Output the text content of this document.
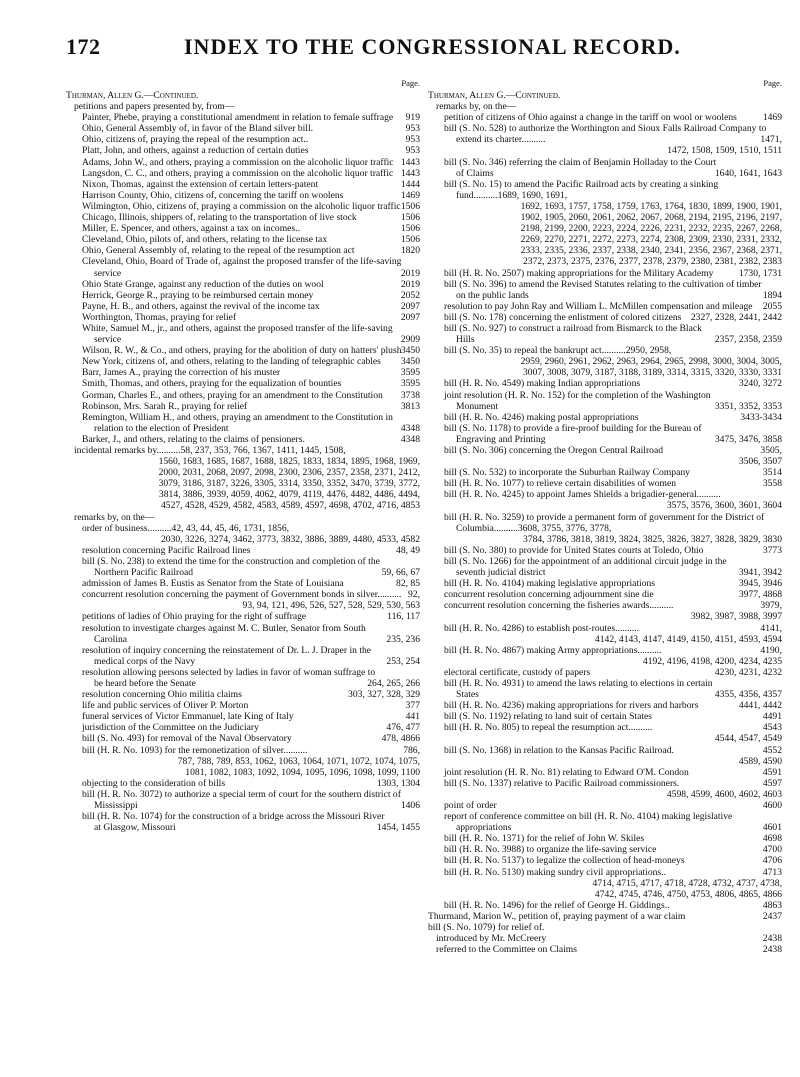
172	INDEX TO THE CONGRESSIONAL RECORD.
Page.
Thurman, Allen G.—Continued.
petitions and papers presented by, from—
Painter, Phebe, praying a constitutional amendment in relation to female suffrage	919
Ohio, General Assembly of, in favor of the Bland silver bill.	953
Ohio, citizens of, praying the repeal of the resumption act..	953
Platt, John, and others, against a reduction of certain duties	953
Adams, John W., and others, praying a commission on the alcoholic liquor traffic 1443
Langsdon, C. C., and others, praying a commission on the alcoholic liquor traffic 1443
Nixon, Thomas, against the extension of certain letters-patent	1444
Harrison County, Ohio, citizens of, concerning the tariff on woolens	1469
Wilmington, Ohio, citizens of, praying a commission on the alcoholic liquor traffic 1506
Chicago, Illinois, shippers of, relating to the transportation of live stock	1506
Miller, E. Spencer, and others, against a tax on incomes..	1506
Cleveland, Ohio, pilots of, and others, relating to the license tax	1506
Ohio, General Assembly of, relating to the repeal of the resumption act	1820
Cleveland, Ohio, Board of Trade of, against the proposed transfer of the life-saving service	2019
Ohio State Grange, against any reduction of the duties on wool	2019
Herrick, George R., praying to be reimbursed certain money	2052
Payne, H. B., and others, against the revival of the income tax	2097
Worthington, Thomas, praying for relief	2097
White, Samuel M., jr., and others, against the proposed transfer of the life-saving service	2909
Wilson, R. W., & Co., and others, praying for the abolition of duty on hatters' plush 3450
New York, citizens of, and others, relating to the landing of telegraphic cables	3450
Barr, James A., praying the correction of his muster	3595
Smith, Thomas, and others, praying for the equalization of bounties	3595
Gorman, Charles E., and others, praying for an amendment to the Constitution	3738
Robinson, Mrs. Sarah R., praying for relief	3813
Remington, William H., and others, praying an amendment to the Constitution in relation to the election of President	4348
Barker, J., and others, relating to the claims of pensioners.	4348
incidental remarks by..........58, 237, 353, 766, 1367, 1411, 1445, 1508,
1560, 1683, 1685, 1687, 1688, 1825, 1833, 1834, 1895, 1968, 1969,
2000, 2031, 2068, 2097, 2098, 2300, 2306, 2357, 2358, 2371, 2412,
3079, 3186, 3187, 3226, 3305, 3314, 3350, 3352, 3470, 3739, 3772,
3814, 3886, 3939, 4059, 4062, 4079, 4119, 4476, 4482, 4486, 4494,
4527, 4528, 4529, 4582, 4583, 4589, 4597, 4698, 4702, 4716, 4853
remarks by, on the—
order of business..........42, 43, 44, 45, 46, 1731, 1856,
2030, 3226, 3274, 3462, 3773, 3832, 3886, 3889, 4480, 4533, 4582
resolution concerning Pacific Railroad lines	48, 49
bill (S. No. 238) to extend the time for the construction and completion of the Northern Pacific Railroad	59, 66, 67
admission of James B. Eustis as Senator from the State of Louisiana	82, 85
concurrent resolution concerning the payment of Government bonds in silver.......... 92,
93, 94, 121, 496, 526, 527, 528, 529, 530, 563
petitions of ladies of Ohio praying for the right of suffrage	116, 117
resolution to investigate charges against M. C. Butler, Senator from South Carolina	235, 236
resolution of inquiry concerning the reinstatement of Dr. L. J. Draper in the medical corps of the Navy	253, 254
resolution allowing persons selected by ladies in favor of woman suffrage to be heard before the Senate	264, 265, 266
resolution concerning Ohio militia claims	303, 327, 328, 329
life and public services of Oliver P. Morton	377
funeral services of Victor Emmanuel, late King of Italy	441
jurisdiction of the Committee on the Judiciary	476, 477
bill (S. No. 493) for removal of the Naval Observatory	478, 4866
bill (H. R. No. 1093) for the remonetization of silver..........	786,
787, 788, 789, 853, 1062, 1063, 1064, 1071, 1072, 1074, 1075,
1081, 1082, 1083, 1092, 1094, 1095, 1096, 1098, 1099, 1100
objecting to the consideration of bills	1303, 1304
bill (H. R. No. 3072) to authorize a special term of court for the southern district of Mississippi	1406
bill (H. R. No. 1074) for the construction of a bridge across the Missouri River at Glasgow, Missouri	1454, 1455
Page.
Thurman, Allen G.—Continued.
remarks by, on the—
petition of citizens of Ohio against a change in the tariff on wool or woolens	1469
bill (S. No. 528) to authorize the Worthington and Sioux Falls Railroad Company to extend its charter..........	1471,
1472, 1508, 1509, 1510, 1511
bill (S. No. 346) referring the claim of Benjamin Holladay to the Court of Claims	1640, 1641, 1643
bill (S. No. 15) to amend the Pacific Railroad acts by creating a sinking fund..........1689, 1690, 1691,
1692, 1693, 1757, 1758, 1759, 1763, 1764, 1830, 1899, 1900, 1901,
1902, 1905, 2060, 2061, 2062, 2067, 2068, 2194, 2195, 2196, 2197,
2198, 2199, 2200, 2223, 2224, 2226, 2231, 2232, 2235, 2267, 2268,
2269, 2270, 2271, 2272, 2273, 2274, 2308, 2309, 2330, 2331, 2332,
2333, 2335, 2336, 2337, 2338, 2340, 2341, 2356, 2367, 2368, 2371,
2372, 2373, 2375, 2376, 2377, 2378, 2379, 2380, 2381, 2382, 2383
bill (H. R. No. 2507) making appropriations for the Military Academy	1730, 1731
bill (S. No. 396) to amend the Revised Statutes relating to the cultivation of timber on the public lands	1894
resolution to pay John Ray and William L. McMillen compensation and mileage	2055
bill (S. No. 178) concerning the enlistment of colored citizens 2327, 2328, 2441, 2442
bill (S. No. 927) to construct a railroad from Bismarck to the Black Hills	2357, 2358, 2359
bill (S. No. 35) to repeal the bankrupt act..........2950, 2958,
2959, 2960, 2961, 2962, 2963, 2964, 2965, 2998, 3000, 3004, 3005,
3007, 3008, 3079, 3187, 3188, 3189, 3314, 3315, 3320, 3330, 3331
bill (H. R. No. 4549) making Indian appropriations	3240, 3272
joint resolution (H. R. No. 152) for the completion of the Washington Monument	3351, 3352, 3353
bill (H. R. No. 4246) making postal appropriations	3433-3434
bill (S. No. 1178) to provide a fire-proof building for the Bureau of Engraving and Printing	3475, 3476, 3858
bill (S. No. 306) concerning the Oregon Central Railroad	3505,
3506, 3507
bill (S. No. 532) to incorporate the Suburban Railway Company	3514
bill (H. R. No. 1077) to relieve certain disabilities of women	3558
bill (H. R. No. 4245) to appoint James Shields a brigadier-general..........
3575, 3576, 3600, 3601, 3604
bill (H. R. No. 3259) to provide a permanent form of government for the District of Columbia..........3608, 3755, 3776, 3778,
3784, 3786, 3818, 3819, 3824, 3825, 3826, 3827, 3828, 3829, 3830
bill (S. No. 380) to provide for United States courts at Toledo, Ohio	3773
bill (S. No. 1266) for the appointment of an additional circuit judge in the seventh judicial district	3941, 3942
bill (H. R. No. 4104) making legislative appropriations	3945, 3946
concurrent resolution concerning adjournment sine die	3977, 4868
concurrent resolution concerning the fisheries awards..........	3979,
3982, 3987, 3988, 3997
bill (H. R. No. 4286) to establish post-routes..........	4141,
4142, 4143, 4147, 4149, 4150, 4151, 4593, 4594
bill (H. R. No. 4867) making Army appropriations..........	4190,
4192, 4196, 4198, 4200, 4234, 4235
electoral certificate, custody of papers	4230, 4231, 4232
bill (H. R. No. 4931) to amend the laws relating to elections in certain States	4355, 4356, 4357
bill (H. R. No. 4236) making appropriations for rivers and harbors	4441, 4442
bill (S. No. 1192) relating to land suit of certain States	4491
bill (H. R. No. 805) to repeal the resumption act..........	4543
4544, 4547, 4549
bill (S. No. 1368) in relation to the Kansas Pacific Railroad.	4552
4589, 4590
joint resolution (H. R. No. 81) relating to Edward O'M. Condon	4591
bill (S. No. 1337) relative to Pacific Railroad commissioners.	4597
4598, 4599, 4600, 4602, 4603
point of order	4600
report of conference committee on bill (H. R. No. 4104) making legislative appropriations	4601
bill (H. R. No. 1371) for the relief of John W. Skiles	4698
bill (H. R. No. 3988) to organize the life-saving service	4700
bill (H. R. No. 5137) to legalize the collection of head-moneys	4706
bill (H. R. No. 5130) making sundry civil appropriations..	4713
4714, 4715, 4717, 4718, 4728, 4732, 4737, 4738,
4742, 4745, 4746, 4750, 4753, 4806, 4865, 4866
bill (H. R. No. 1496) for the relief of George H. Giddings..	4863
Thurmand, Marion W., petition of, praying payment of a war claim	2437
bill (S. No. 1079) for relief of.
introduced by Mr. McCreery	2438
referred to the Committee on Claims	2438
